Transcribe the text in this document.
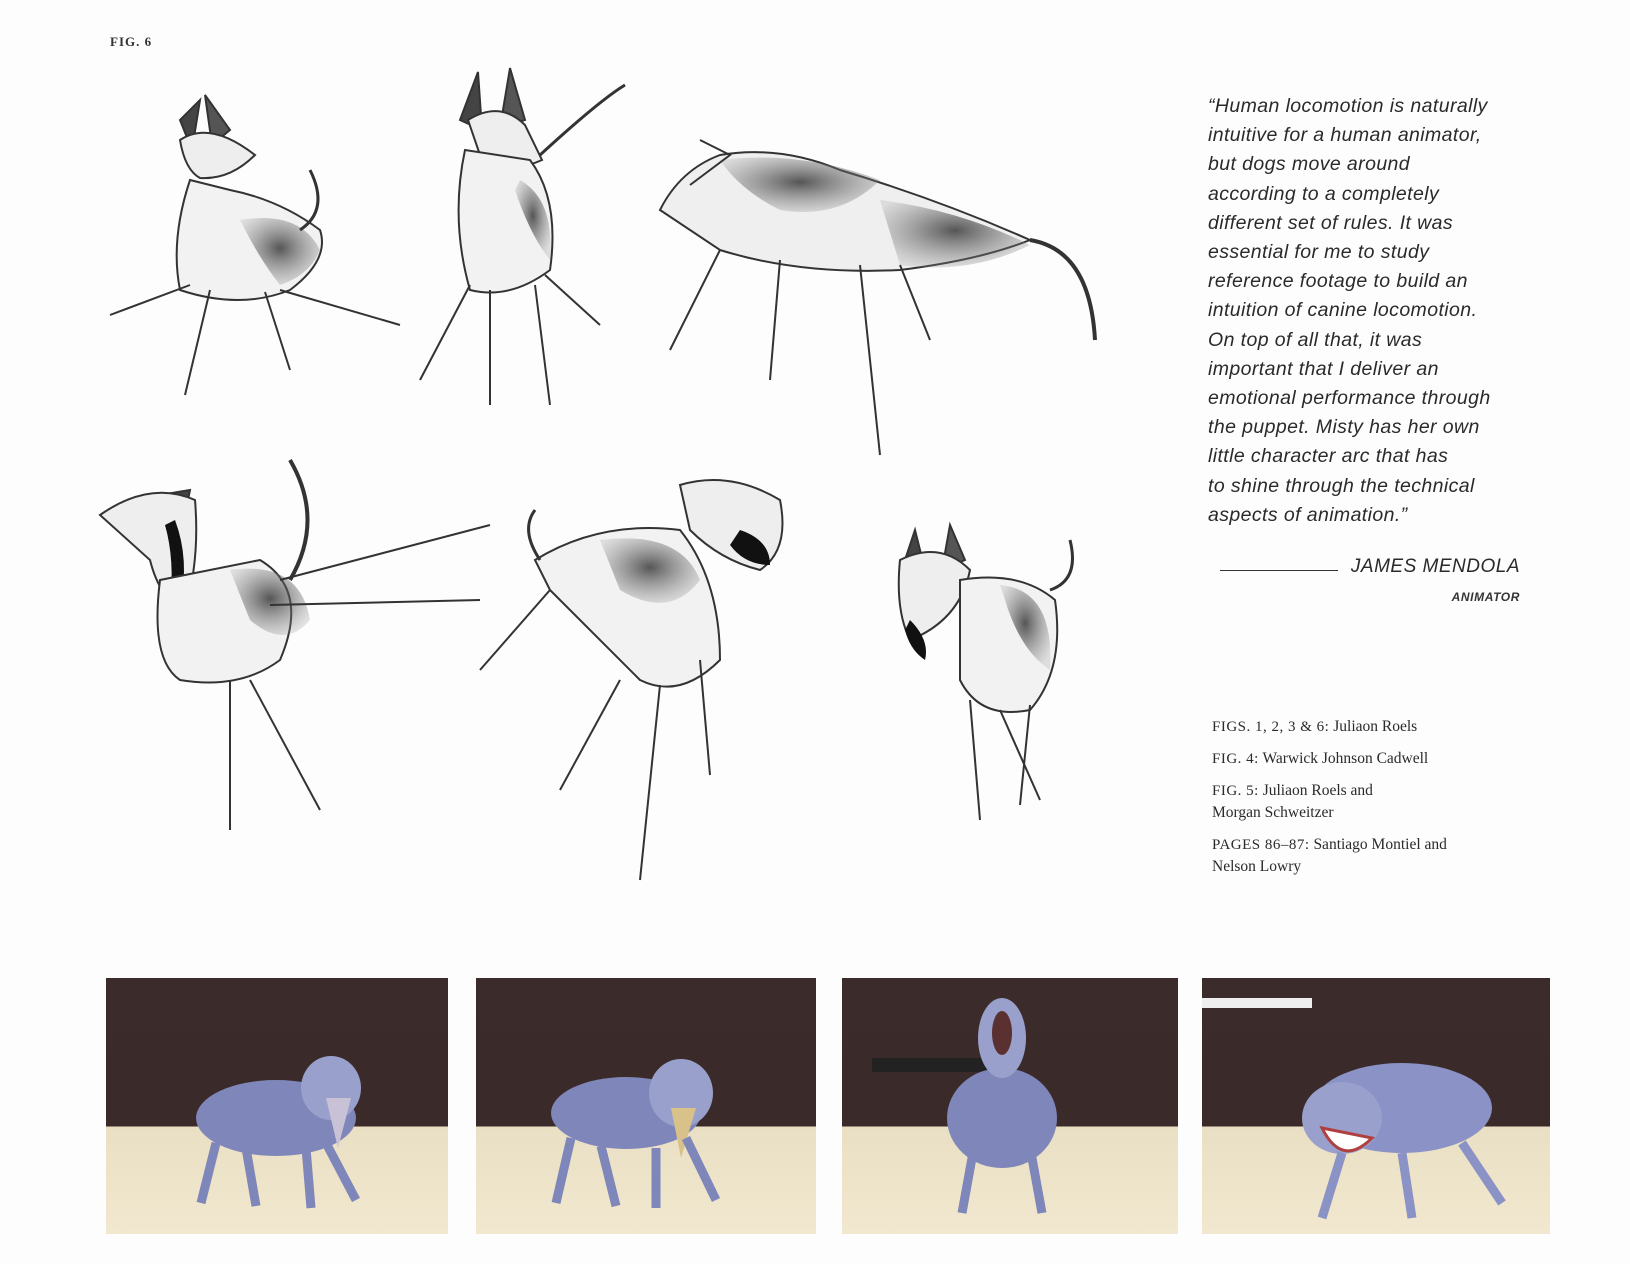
FIG. 6
“Human locomotion is naturally
intuitive for a human animator,
but dogs move around
according to a completely
different set of rules. It was
essential for me to study
reference footage to build an
intuition of canine locomotion.
On top of all that, it was
important that I deliver an
emotional performance through
the puppet. Misty has her own
little character arc that has
to shine through the technical
aspects of animation.”
JAMES MENDOLA
ANIMATOR
FIGS. 1, 2, 3 & 6: Juliaon Roels
FIG. 4: Warwick Johnson Cadwell
FIG. 5: Juliaon Roels and Morgan Schweitzer
PAGES 86–87: Santiago Montiel and Nelson Lowry
